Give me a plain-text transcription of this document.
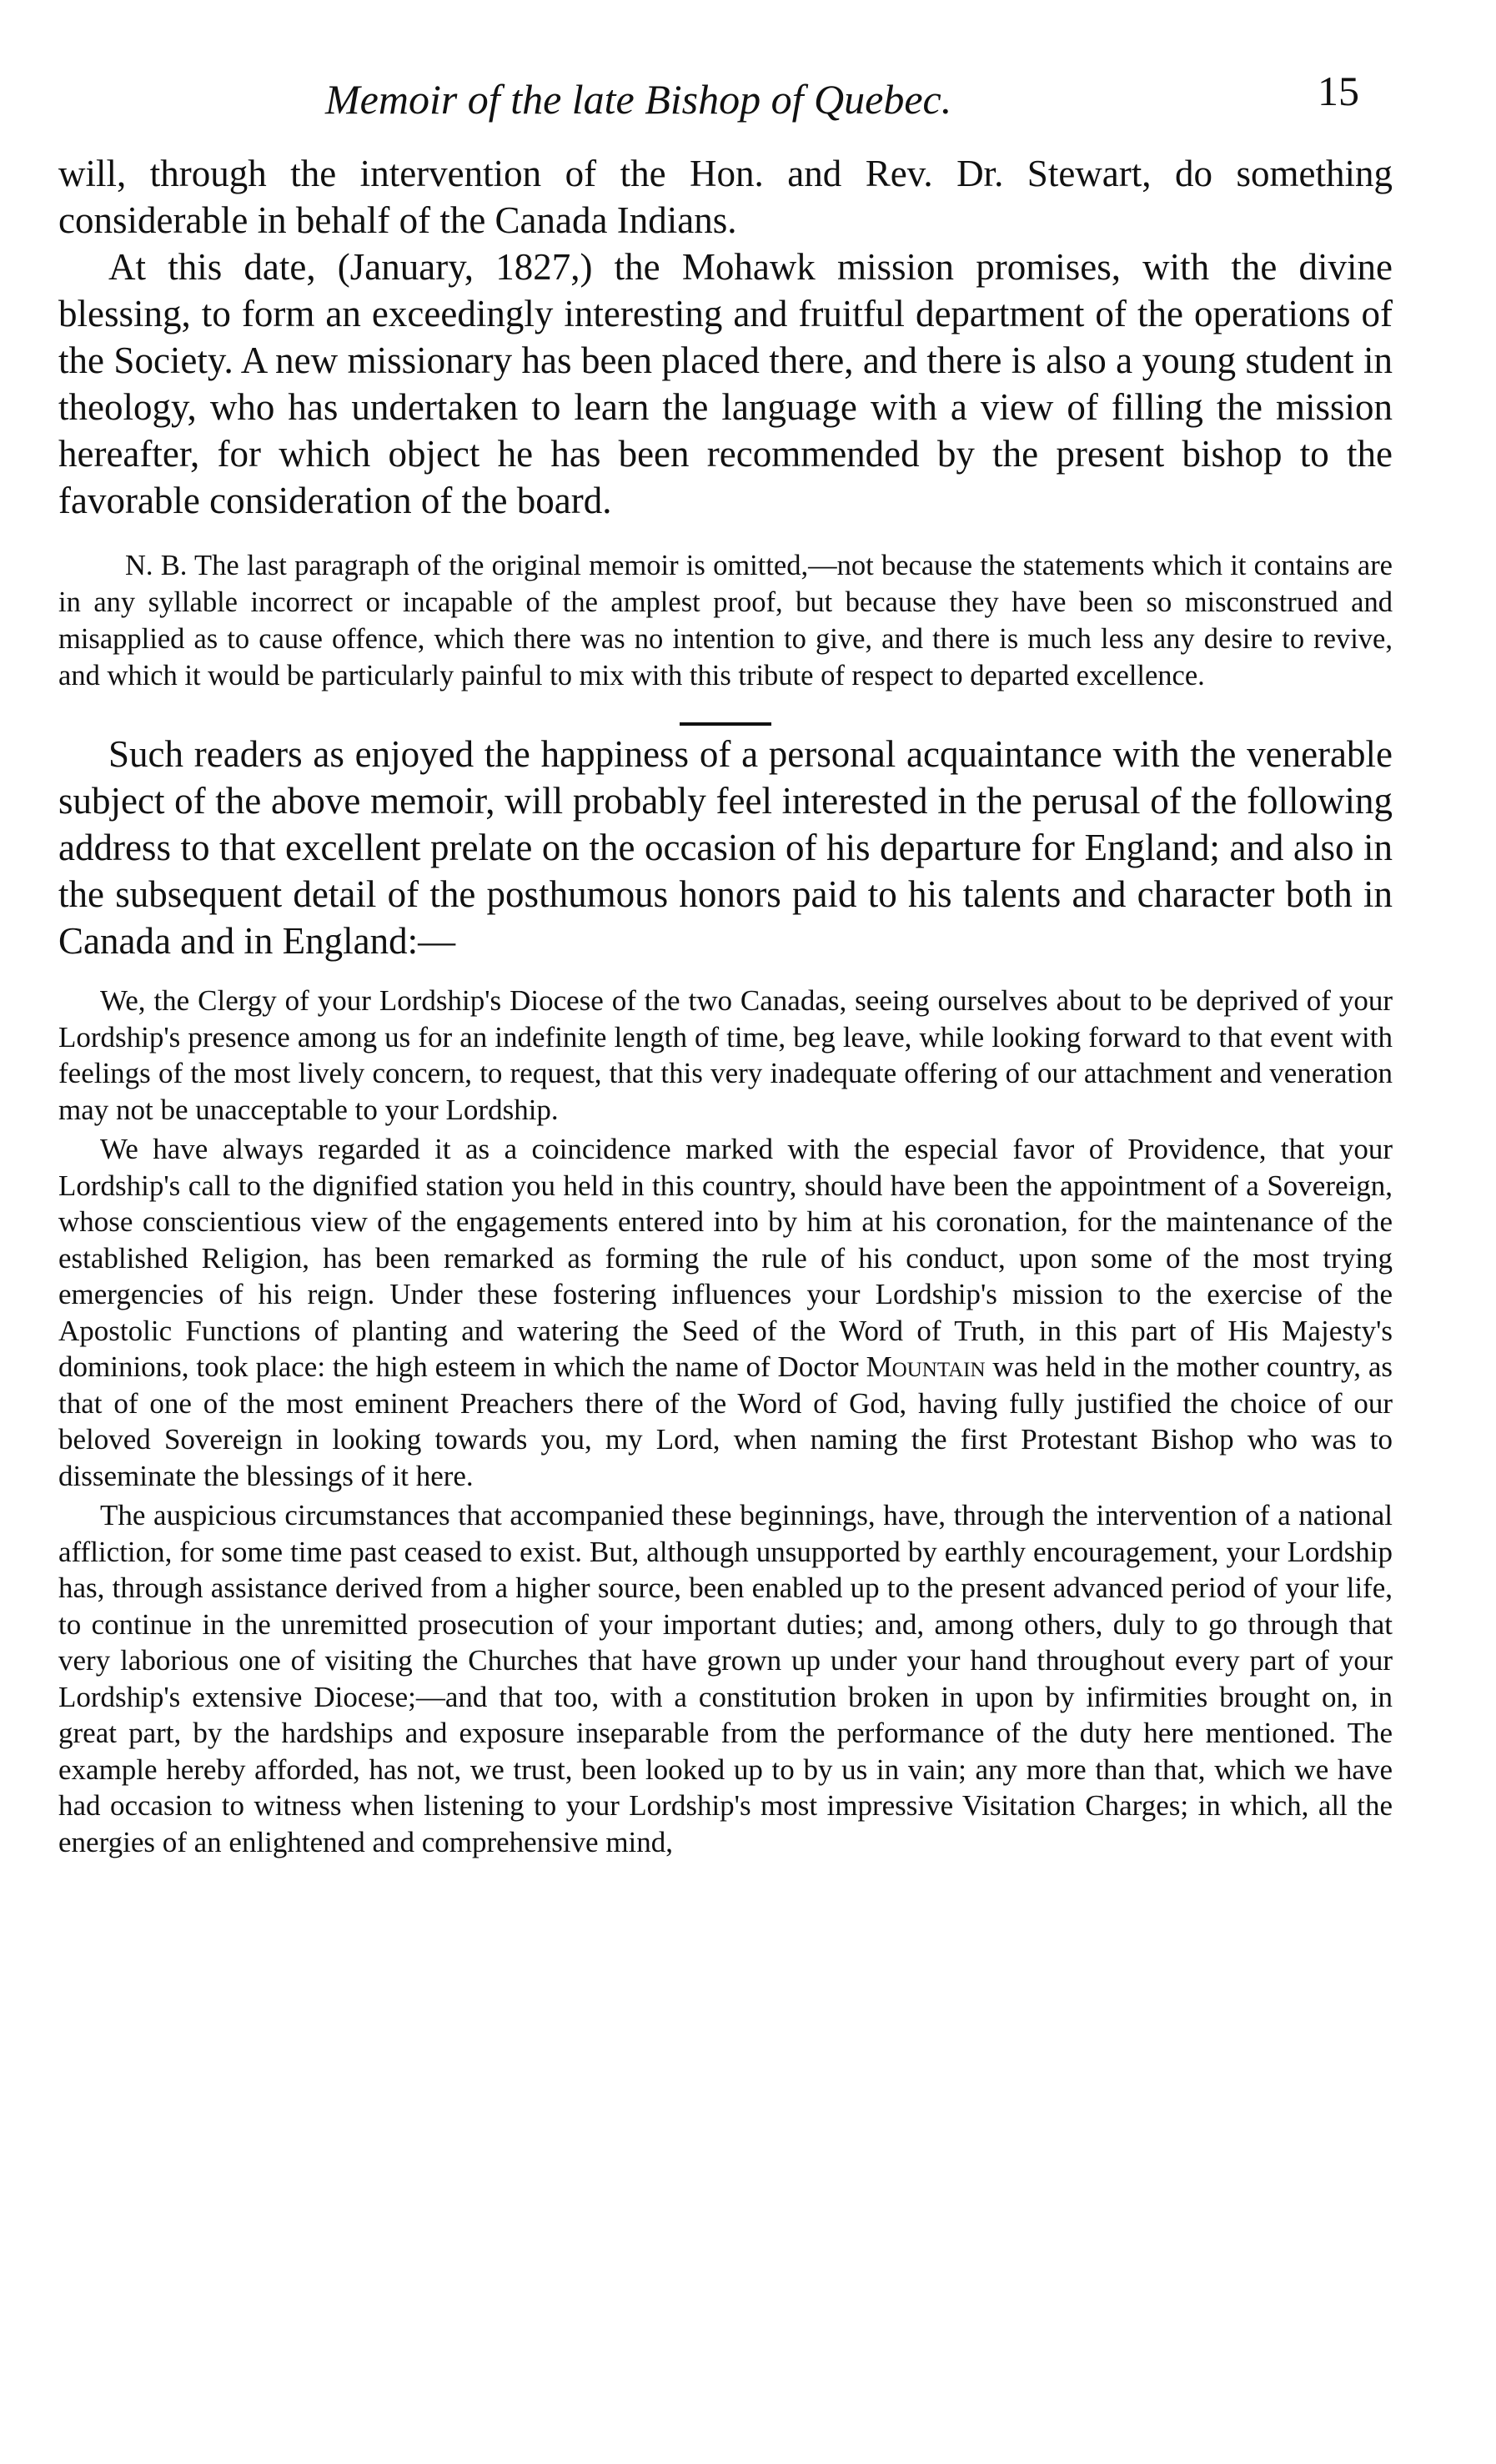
Memoir of the late Bishop of Quebec.	15

will, through the intervention of the Hon. and Rev. Dr. Stewart, do something considerable in behalf of the Canada Indians.

At this date, (January, 1827,) the Mohawk mission promises, with the divine blessing, to form an exceedingly interesting and fruitful department of the operations of the Society. A new missionary has been placed there, and there is also a young student in theology, who has undertaken to learn the language with a view of filling the mission hereafter, for which object he has been recommended by the present bishop to the favorable consideration of the board.

N. B. The last paragraph of the original memoir is omitted,—not because the statements which it contains are in any syllable incorrect or incapable of the amplest proof, but because they have been so misconstrued and misapplied as to cause offence, which there was no intention to give, and there is much less any desire to revive, and which it would be particularly painful to mix with this tribute of respect to departed excellence.

Such readers as enjoyed the happiness of a personal acquaintance with the venerable subject of the above memoir, will probably feel interested in the perusal of the following address to that excellent prelate on the occasion of his departure for England; and also in the subsequent detail of the posthumous honors paid to his talents and character both in Canada and in England:—

We, the Clergy of your Lordship's Diocese of the two Canadas, seeing ourselves about to be deprived of your Lordship's presence among us for an indefinite length of time, beg leave, while looking forward to that event with feelings of the most lively concern, to request, that this very inadequate offering of our attachment and veneration may not be unacceptable to your Lordship.

We have always regarded it as a coincidence marked with the especial favor of Providence, that your Lordship's call to the dignified station you held in this country, should have been the appointment of a Sovereign, whose conscientious view of the engagements entered into by him at his coronation, for the maintenance of the established Religion, has been remarked as forming the rule of his conduct, upon some of the most trying emergencies of his reign. Under these fostering influences your Lordship's mission to the exercise of the Apostolic Functions of planting and watering the Seed of the Word of Truth, in this part of His Majesty's dominions, took place: the high esteem in which the name of Doctor Mountain was held in the mother country, as that of one of the most eminent Preachers there of the Word of God, having fully justified the choice of our beloved Sovereign in looking towards you, my Lord, when naming the first Protestant Bishop who was to disseminate the blessings of it here.

The auspicious circumstances that accompanied these beginnings, have, through the intervention of a national affliction, for some time past ceased to exist. But, although unsupported by earthly encouragement, your Lordship has, through assistance derived from a higher source, been enabled up to the present advanced period of your life, to continue in the unremitted prosecution of your important duties; and, among others, duly to go through that very laborious one of visiting the Churches that have grown up under your hand throughout every part of your Lordship's extensive Diocese;—and that too, with a constitution broken in upon by infirmities brought on, in great part, by the hardships and exposure inseparable from the performance of the duty here mentioned. The example hereby afforded, has not, we trust, been looked up to by us in vain; any more than that, which we have had occasion to witness when listening to your Lordship's most impressive Visitation Charges; in which, all the energies of an enlightened and comprehensive mind,
